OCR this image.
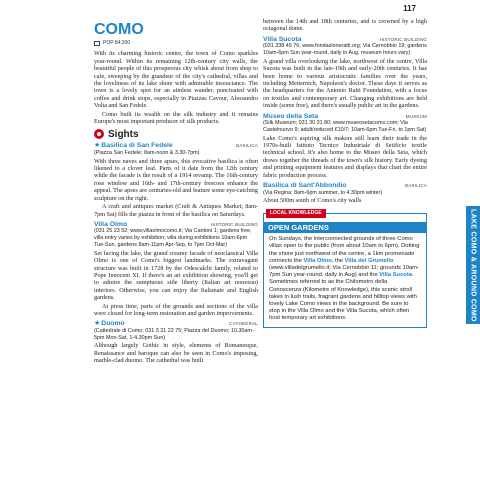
117
COMO
POP 84,300

With its charming historic centre, the town of Como sparkles year-round. Within its remaining 12th-century city walls, the beautiful people of this prosperous city whisk about from shop to cafe, sweeping by the grandeur of the city's cathedral, villas and the loveliness of its lake shore with admirable insouciance. The town is a lovely spot for an aimless wander, punctuated with coffee and drink stops, especially in Piazzas Cavour, Alessandro Volta and San Fedele.

Como built its wealth on the silk industry and it remains Europe's most important producer of silk products.

Sights
★Basilica di San Fedele	BASILICA
(Piazza San Fedele; 8am-noon & 3.30-7pm)

With three naves and three apses, this evocative basilica is often likened to a clover leaf. Parts of it date from the 12th century while the facade is the result of a 1914 revamp. The 16th-century rose window and 16th- and 17th-century frescoes enhance the appeal. The apses are centuries-old and feature some eye-catching sculpture on the right.

A craft and antiques market (Craft & Antiques Market; 8am-7pm Sat) fills the piazza in front of the basilica on Saturdays.

Villa Olmo	HISTORIC BUILDING
(031 25 23 52; www.villaolmocomo.it; Via Cantoni 1; gardens free, villa entry varies by exhibition; villa during exhibitions 10am-6pm Tue-Sun, gardens 8am-11pm Apr-Sep, to 7pm Oct-Mar)

Set facing the lake, the grand creamy facade of neoclassical Villa Olmo is one of Como's biggest landmarks. The extravagant structure was built in 1728 by the Odescalchi family, related to Pope Innocent XI. If there's an art exhibition showing, you'll get to admire the sumptuous stile liberty (Italian art nouveau) interiors. Otherwise, you can enjoy the Italianate and English gardens.

At press time, parts of the grounds and sections of the villa were closed for long-term restoration and garden improvements.

★Duomo	CATHEDRAL
(Cattedrale di Como; 031 3 31 22 75; Piazza del Duomo; 10.30am-5pm Mon-Sat, 1-4.30pm Sun)

Although largely Gothic in style, elements of Romanesque, Renaissance and baroque can also be seen in Como's imposing, marble-clad duomo. The cathedral was built

between the 14th and 18th centuries, and is crowned by a high octagonal dome.

Villa Sucota	HISTORIC BUILDING
(031 338 49 76; www.fondazioneratti.org; Via Cernobbio 19; gardens 10am-6pm Sun year-round, daily in Aug, museum hours vary)

A grand villa overlooking the lake, northwest of the centre, Villa Sucota was built in the late-19th and early-20th centuries. It has been home to various aristocratic families over the years, including Metternich, Napoleon's doctor. These days it serves as the headquarters for the Antonio Ratti Foundation, with a focus on textiles and contemporary art. Changing exhibitions are held inside (some free), and there's usually public art in the gardens.

Museo della Seta	MUSEUM
(Silk Museum; 031 30 31 80; www.museosetacomo.com; Via Castelnuovo 9; adult/reduced €10/7; 10am-6pm Tue-Fri, to 1pm Sat)

Lake Como's aspiring silk makers still learn their trade in the 1970s-built Istituto Tecnico Industriale di Setificio textile technical school. It's also home to the Museo della Seta, which draws together the threads of the town's silk history. Early dyeing and printing equipment features and displays that chart the entire fabric production process.

Basilica di Sant'Abbondio	BASILICA
(Via Regina; 8am-6pm summer, to 4.30pm winter)

About 500m south of Como's city walls

LOCAL KNOWLEDGE
OPEN GARDENS

On Sundays, the interconnected grounds of three Como villas open to the public (from about 10am to 6pm). Dotting the shore just northwest of the centre, a 1km promenade connects the Villa Olmo, the Villa del Grumello (www.villadelgrumello.it; Via Cernobbio 11; grounds 10am-7pm Sun year-round, daily in Aug) and the Villa Sucota. Sometimes referred to as the Chilometro della Conoscenza (Kilometre of Knowledge), this scenic stroll takes in lush trails, fragrant gardens and hilltop views with lovely Lake Como views in the background. Be sure to stop in the Villa Olmo and the Villa Sucota, which often host temporary art exhibitions.	LAKE COMO & AROUND COMO
